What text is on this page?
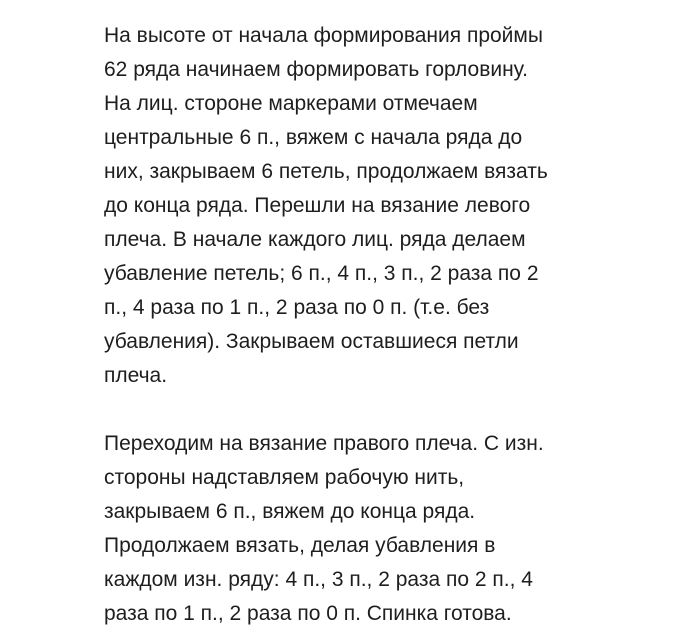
На высоте от начала формирования проймы
62 ряда начинаем формировать горловину.
На лиц. стороне маркерами отмечаем
центральные 6 п., вяжем с начала ряда до
них, закрываем 6 петель, продолжаем вязать
до конца ряда. Перешли на вязание левого
плеча. В начале каждого лиц. ряда делаем
убавление петель; 6 п., 4 п., 3 п., 2 раза по 2
п., 4 раза по 1 п., 2 раза по 0 п. (т.е. без
убавления). Закрываем оставшиеся петли
плеча.
Переходим на вязание правого плеча. С изн.
стороны надставляем рабочую нить,
закрываем 6 п., вяжем до конца ряда.
Продолжаем вязать, делая убавления в
каждом изн. ряду: 4 п., 3 п., 2 раза по 2 п., 4
раза по 1 п., 2 раза по 0 п. Спинка готова.
